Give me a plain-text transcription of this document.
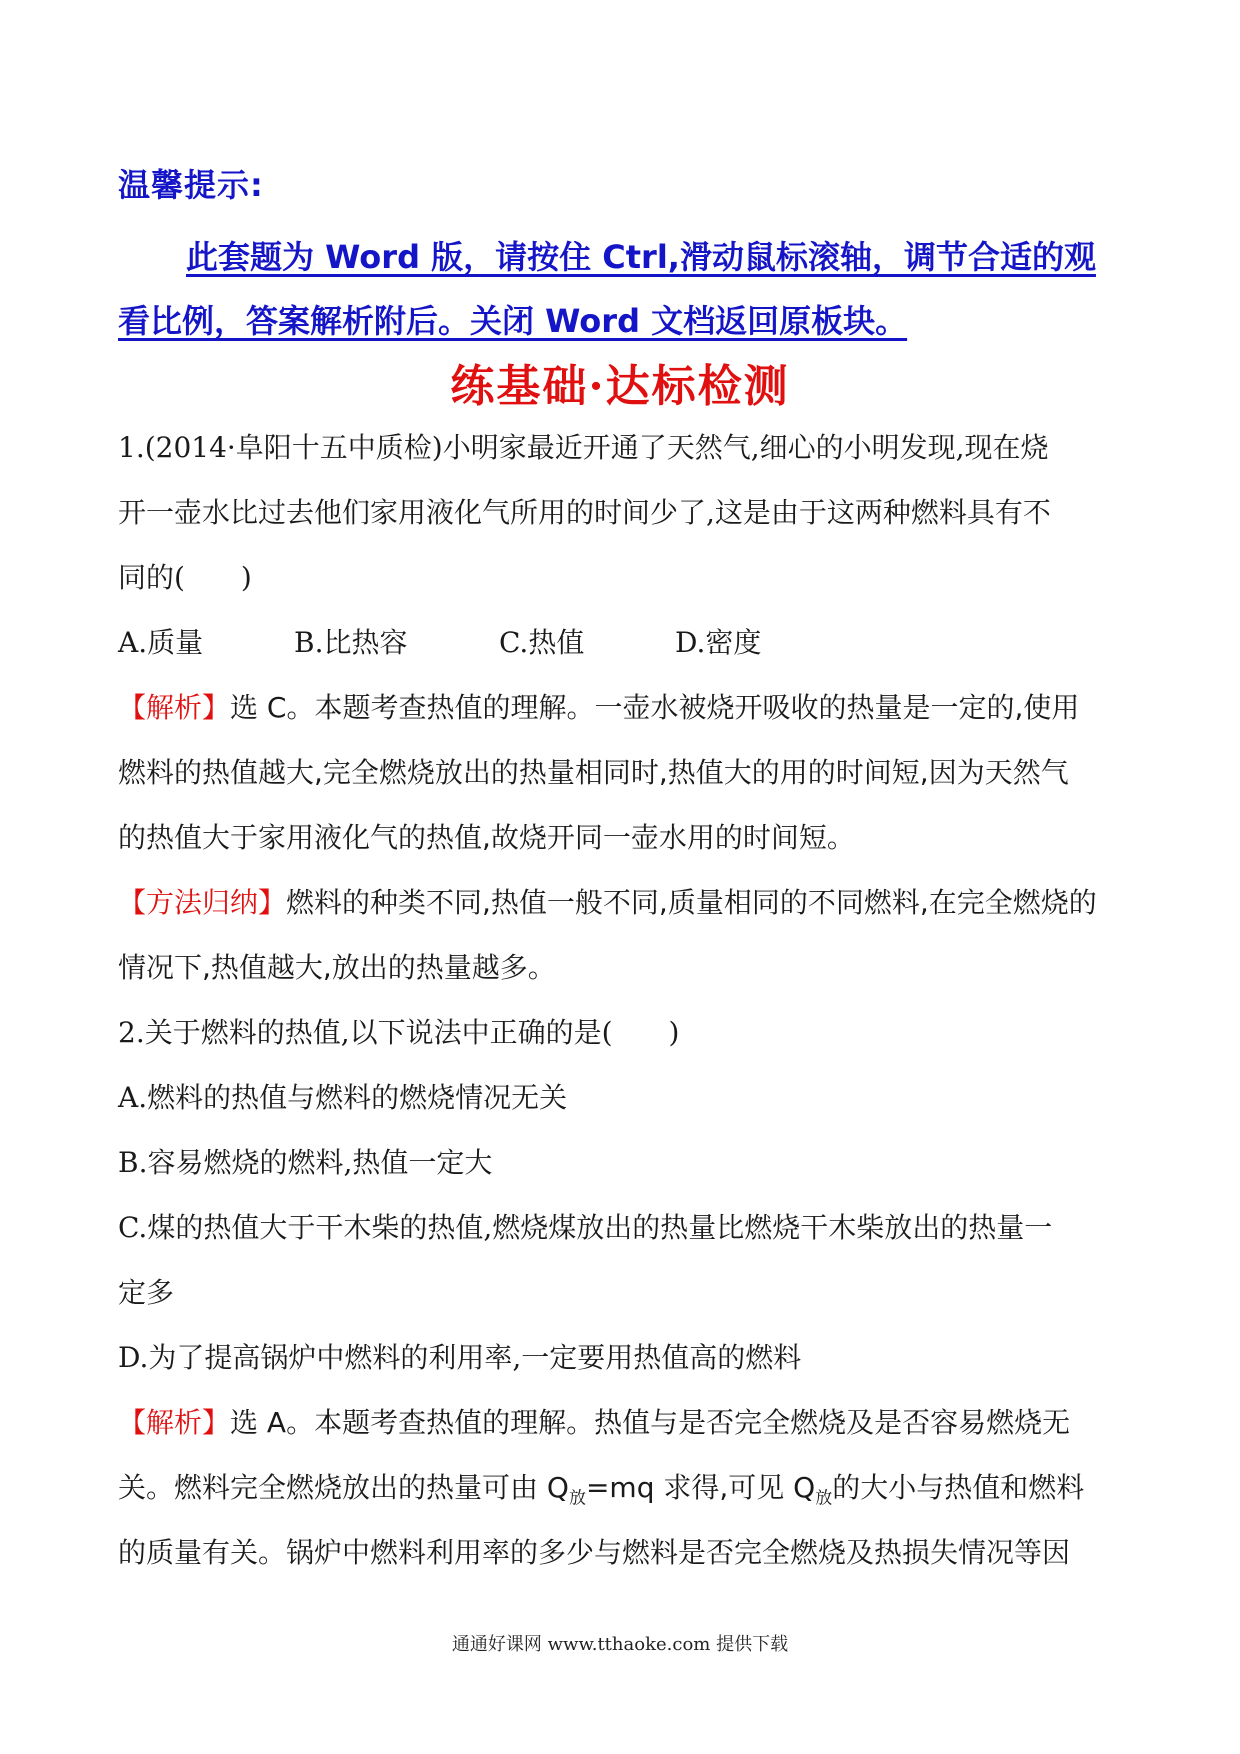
温馨提示:
此套题为 Word 版，请按住 Ctrl,滑动鼠标滚轴，调节合适的观
看比例，答案解析附后。关闭 Word 文档返回原板块。
练基础·达标检测
1.(2014·阜阳十五中质检)小明家最近开通了天然气,细心的小明发现,现在烧
开一壶水比过去他们家用液化气所用的时间少了,这是由于这两种燃料具有不
同的(　　)
A.质量	B.比热容	C.热值	D.密度
【解析】选 C。本题考查热值的理解。一壶水被烧开吸收的热量是一定的,使用
燃料的热值越大,完全燃烧放出的热量相同时,热值大的用的时间短,因为天然气
的热值大于家用液化气的热值,故烧开同一壶水用的时间短。
【方法归纳】燃料的种类不同,热值一般不同,质量相同的不同燃料,在完全燃烧的
情况下,热值越大,放出的热量越多。
2.关于燃料的热值,以下说法中正确的是(　　)
A.燃料的热值与燃料的燃烧情况无关
B.容易燃烧的燃料,热值一定大
C.煤的热值大于干木柴的热值,燃烧煤放出的热量比燃烧干木柴放出的热量一
定多
D.为了提高锅炉中燃料的利用率,一定要用热值高的燃料
【解析】选 A。本题考查热值的理解。热值与是否完全燃烧及是否容易燃烧无
关。燃料完全燃烧放出的热量可由 $Q_放=mq$ 求得,可见 $Q_放$的大小与热值和燃料
的质量有关。锅炉中燃料利用率的多少与燃料是否完全燃烧及热损失情况等因
通通好课网 www.tthaoke.com 提供下载
